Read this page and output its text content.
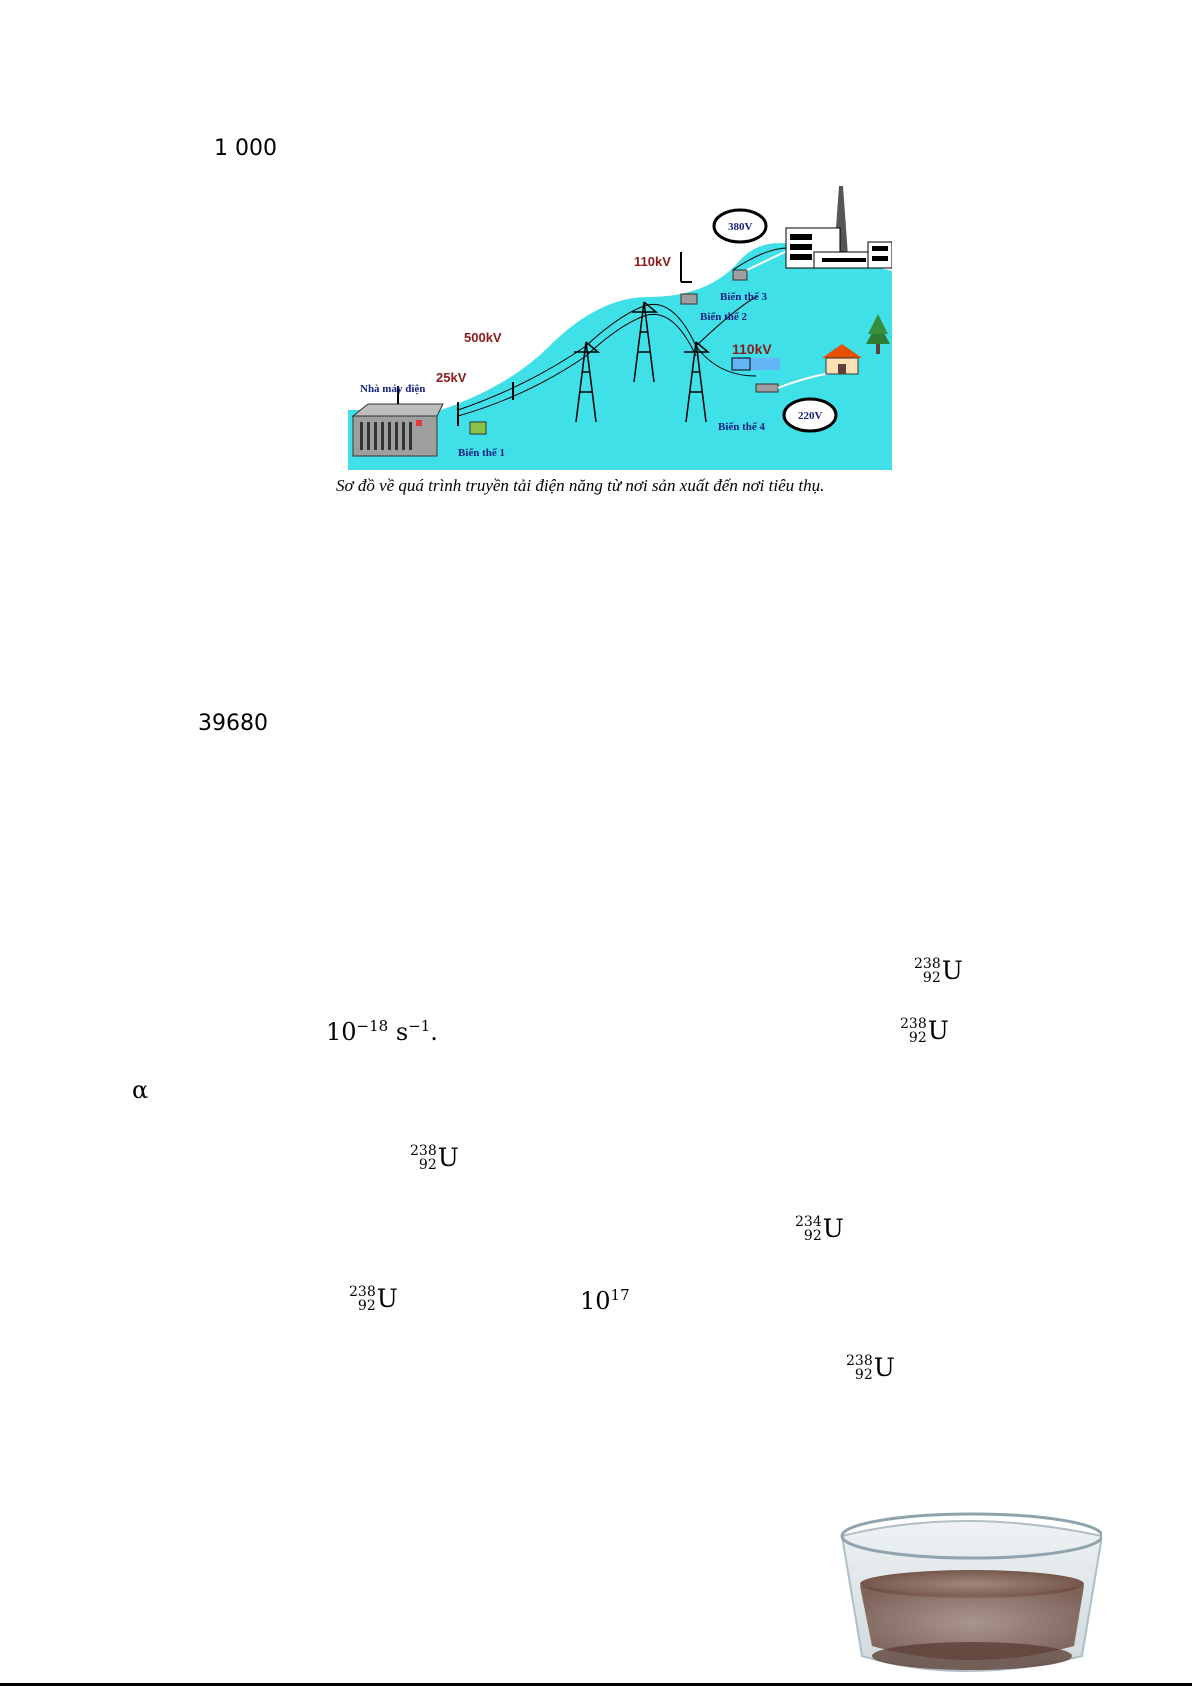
1 000
Nhà máy điện
25kV
500kV
110kV
110kV
380V
220V
Biến thế 1
Biến thế 2
Biến thế 3
Biến thế 4
Sơ đồ về quá trình truyền tải điện năng từ nơi sản xuất đến nơi tiêu thụ.
39680
238
92 U
$10^{-18}$ $s^{-1}$.	238
92 U
α
238
92 U
234
92 U
238
92 U	$10^{17}$
238
92 U
